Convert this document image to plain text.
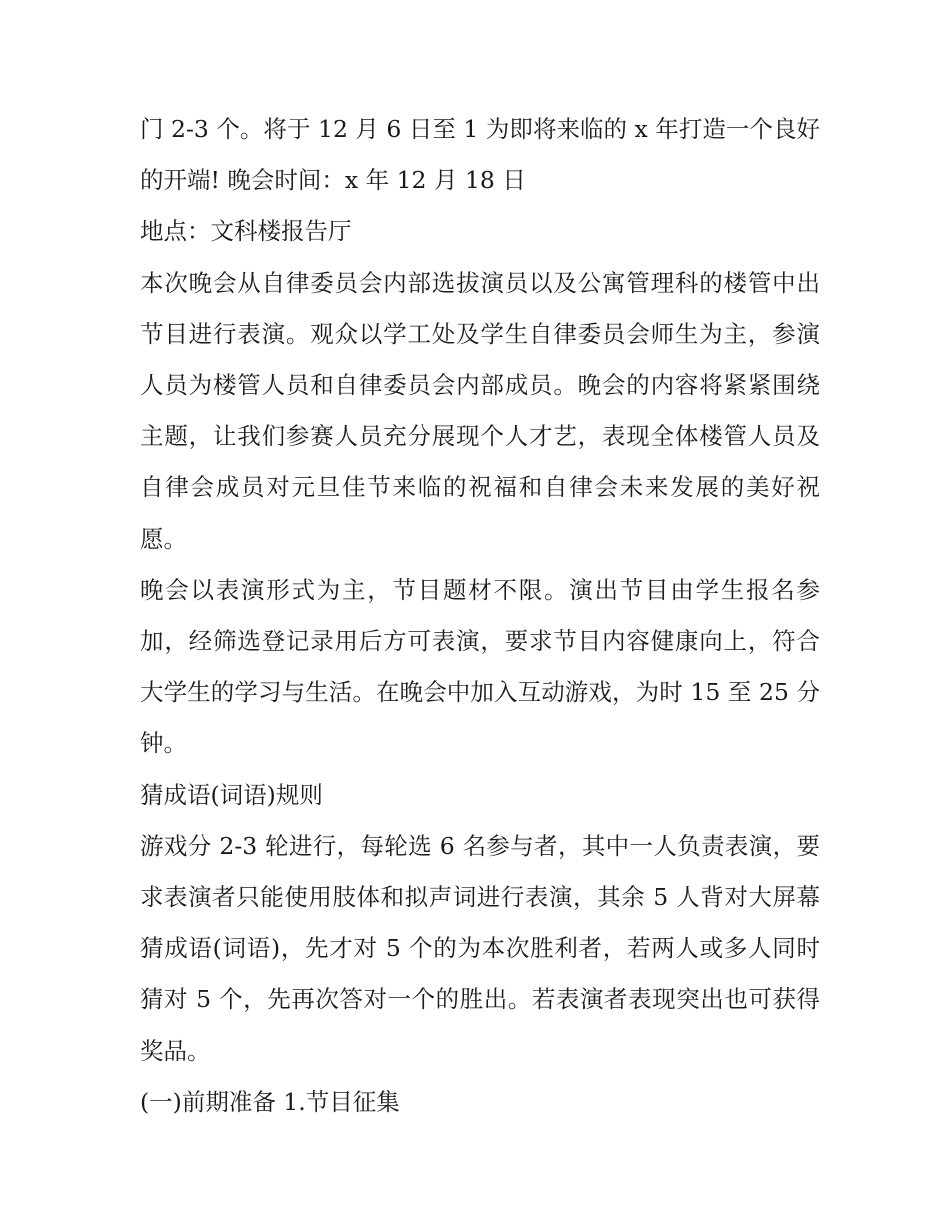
门 2-3 个。将于 12 月 6 日至 1 为即将来临的 x 年打造一个良好的开端! 晚会时间：x 年 12 月 18 日

地点：文科楼报告厅

本次晚会从自律委员会内部选拔演员以及公寓管理科的楼管中出节目进行表演。观众以学工处及学生自律委员会师生为主，参演人员为楼管人员和自律委员会内部成员。晚会的内容将紧紧围绕主题，让我们参赛人员充分展现个人才艺，表现全体楼管人员及自律会成员对元旦佳节来临的祝福和自律会未来发展的美好祝愿。

晚会以表演形式为主，节目题材不限。演出节目由学生报名参加，经筛选登记录用后方可表演，要求节目内容健康向上，符合大学生的学习与生活。在晚会中加入互动游戏，为时 15 至 25 分钟。

猜成语(词语)规则

游戏分 2-3 轮进行，每轮选 6 名参与者，其中一人负责表演，要求表演者只能使用肢体和拟声词进行表演，其余 5 人背对大屏幕猜成语(词语)，先才对 5 个的为本次胜利者，若两人或多人同时猜对 5 个，先再次答对一个的胜出。若表演者表现突出也可获得奖品。

(一)前期准备 1.节目征集
